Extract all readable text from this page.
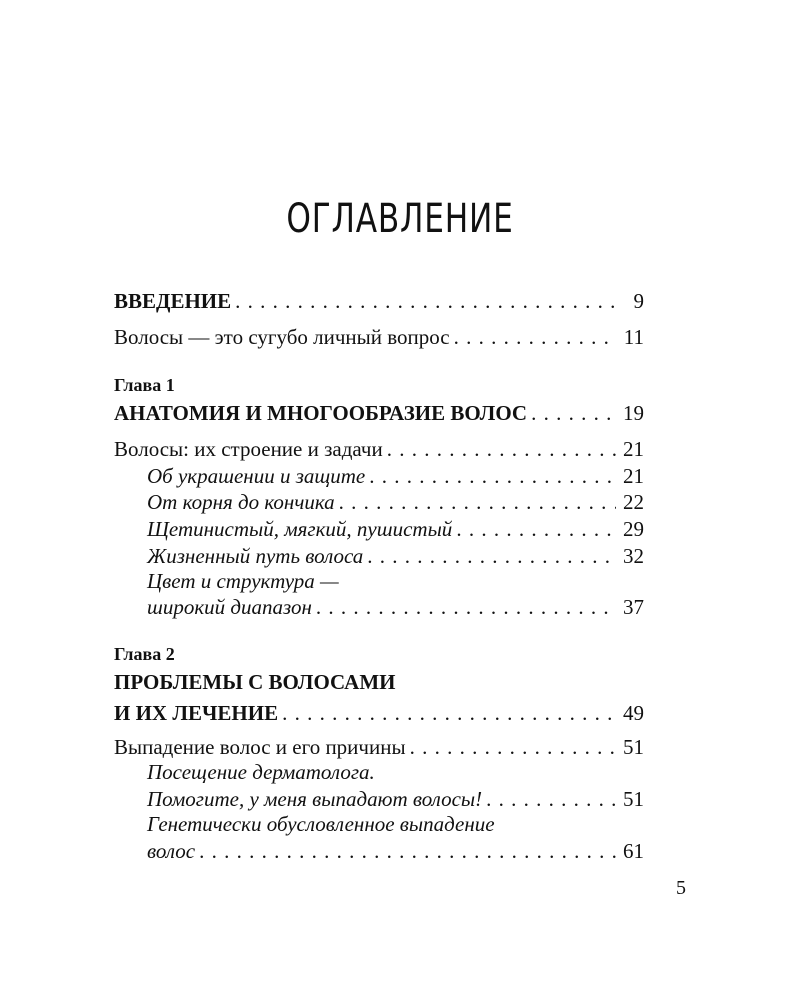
ОГЛАВЛЕНИЕ
ВВЕДЕНИЕ . . .	9
Волосы — это сугубо личный вопрос . . .	11
Глава 1
АНАТОМИЯ И МНОГООБРАЗИЕ ВОЛОС . . .	19
Волосы: их строение и задачи . . .	21
Об украшении и защите . . .	21
От корня до кончика . . .	22
Щетинистый, мягкий, пушистый . . .	29
Жизненный путь волоса . . .	32
Цвет и структура —
широкий диапазон . . .	37
Глава 2
ПРОБЛЕМЫ С ВОЛОСАМИ
И ИХ ЛЕЧЕНИЕ . . .	49
Выпадение волос и его причины . . .	51
Посещение дерматолога.
Помогите, у меня выпадают волосы! . . .	51
Генетически обусловленное выпадение
волос . . .	61
5
